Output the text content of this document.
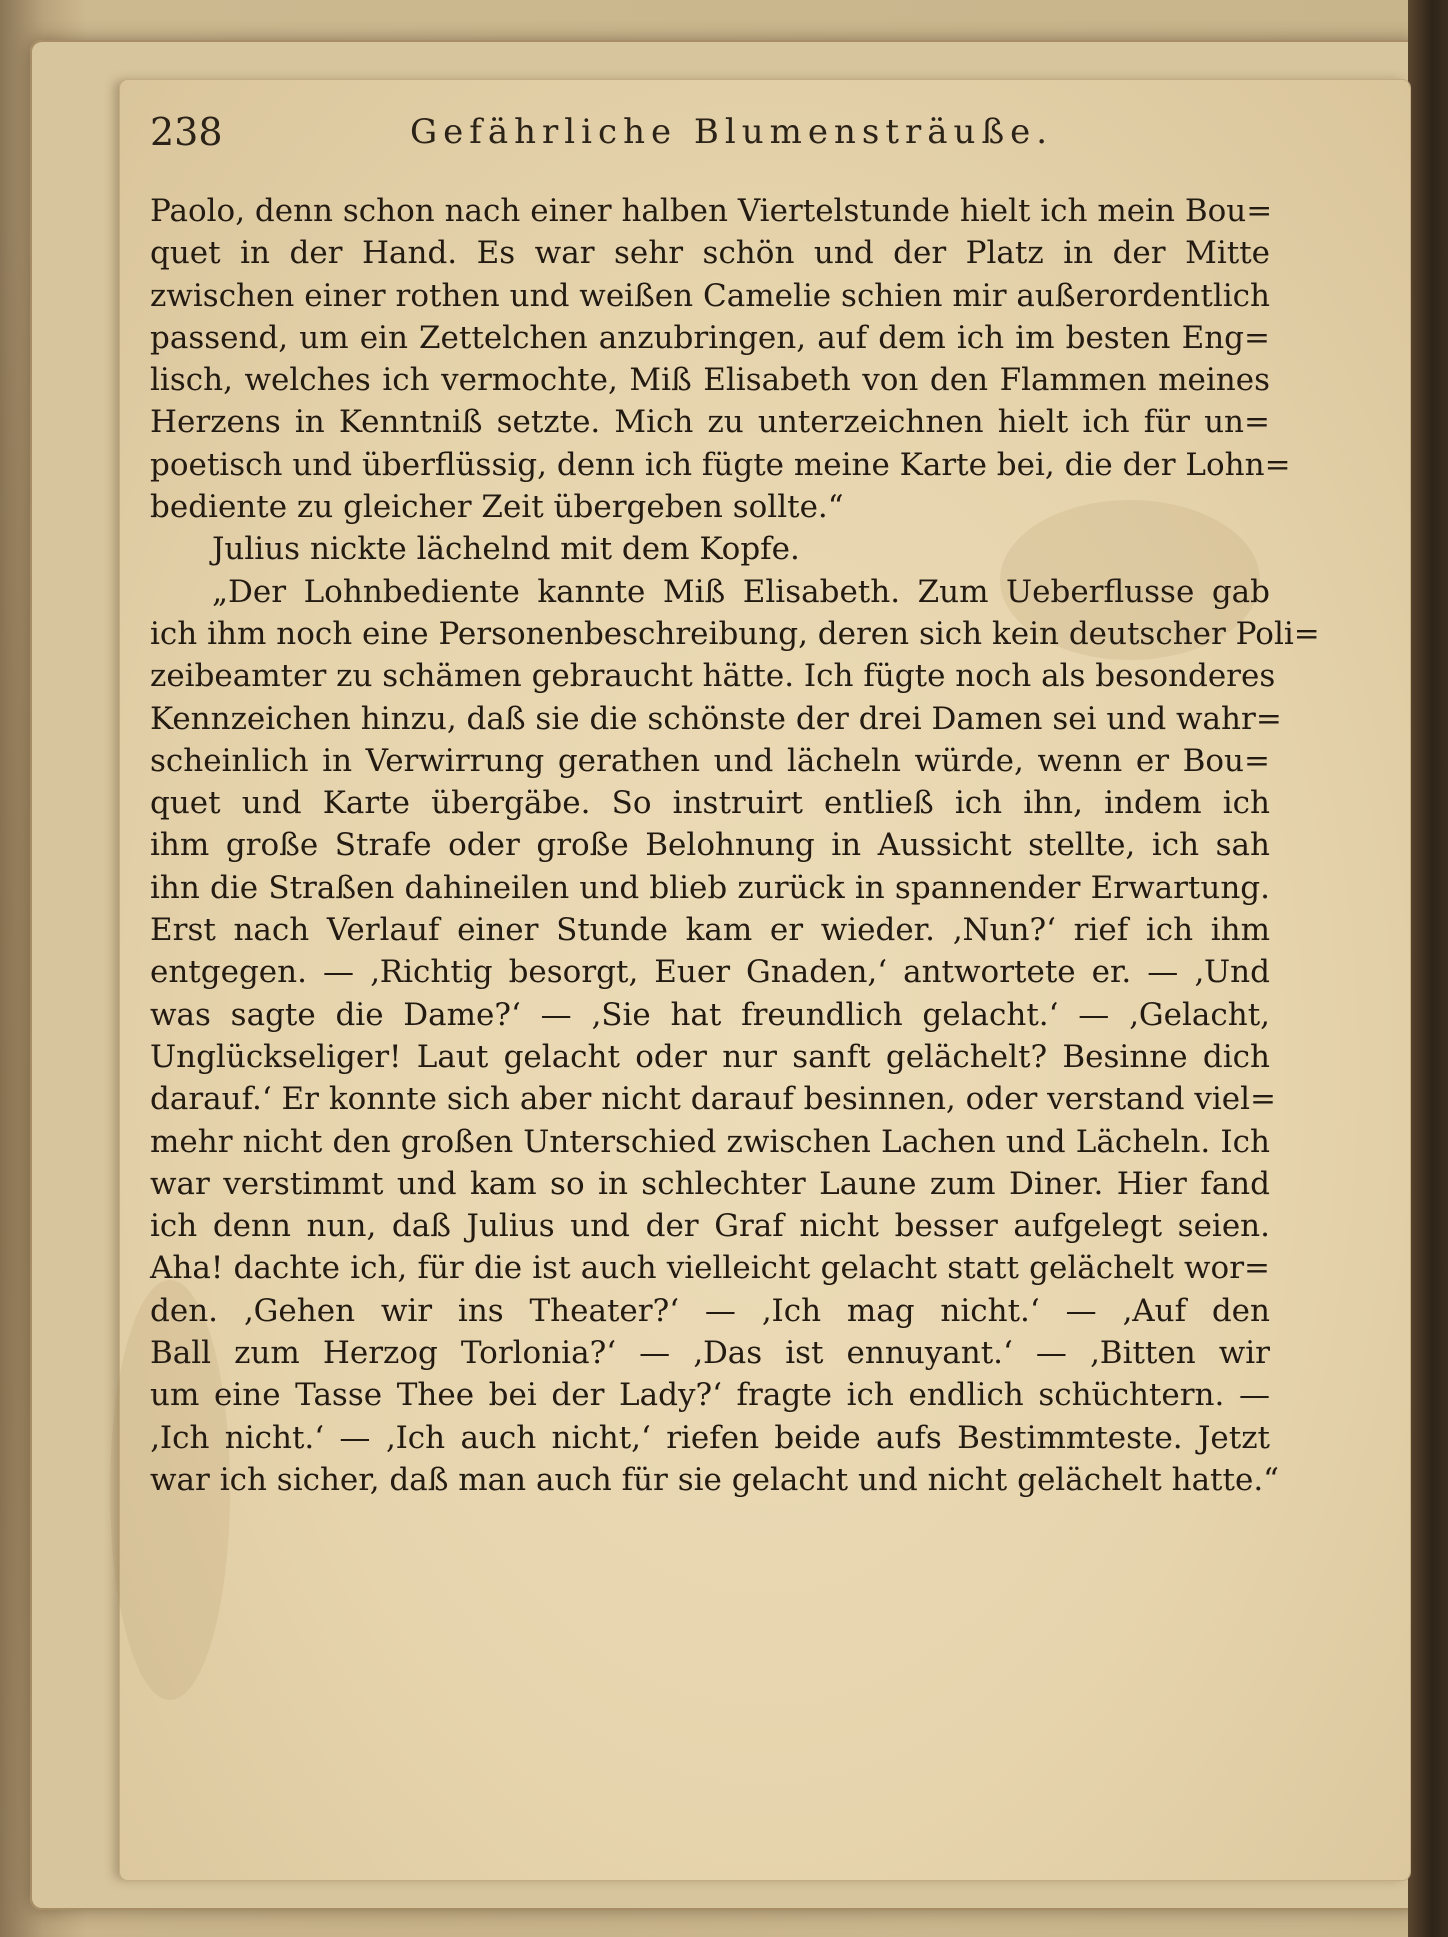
238	Gefährliche Blumensträuße.
Paolo, denn schon nach einer halben Viertelstunde hielt ich mein Bou=
quet in der Hand. Es war sehr schön und der Platz in der Mitte
zwischen einer rothen und weißen Camelie schien mir außerordentlich
passend, um ein Zettelchen anzubringen, auf dem ich im besten Eng=
lisch, welches ich vermochte, Miß Elisabeth von den Flammen meines
Herzens in Kenntniß setzte. Mich zu unterzeichnen hielt ich für un=
poetisch und überflüssig, denn ich fügte meine Karte bei, die der Lohn=
bediente zu gleicher Zeit übergeben sollte.“
Julius nickte lächelnd mit dem Kopfe.
„Der Lohnbediente kannte Miß Elisabeth. Zum Ueberflusse gab
ich ihm noch eine Personenbeschreibung, deren sich kein deutscher Poli=
zeibeamter zu schämen gebraucht hätte. Ich fügte noch als besonderes
Kennzeichen hinzu, daß sie die schönste der drei Damen sei und wahr=
scheinlich in Verwirrung gerathen und lächeln würde, wenn er Bou=
quet und Karte übergäbe. So instruirt entließ ich ihn, indem ich
ihm große Strafe oder große Belohnung in Aussicht stellte, ich sah
ihn die Straßen dahineilen und blieb zurück in spannender Erwartung.
Erst nach Verlauf einer Stunde kam er wieder. ‚Nun?‘ rief ich ihm
entgegen. — ‚Richtig besorgt, Euer Gnaden,‘ antwortete er. — ‚Und
was sagte die Dame?‘ — ‚Sie hat freundlich gelacht.‘ — ‚Gelacht,
Unglückseliger! Laut gelacht oder nur sanft gelächelt? Besinne dich
darauf.‘ Er konnte sich aber nicht darauf besinnen, oder verstand viel=
mehr nicht den großen Unterschied zwischen Lachen und Lächeln. Ich
war verstimmt und kam so in schlechter Laune zum Diner. Hier fand
ich denn nun, daß Julius und der Graf nicht besser aufgelegt seien.
Aha! dachte ich, für die ist auch vielleicht gelacht statt gelächelt wor=
den. ‚Gehen wir ins Theater?‘ — ‚Ich mag nicht.‘ — ‚Auf den
Ball zum Herzog Torlonia?‘ — ‚Das ist ennuyant.‘ — ‚Bitten wir
um eine Tasse Thee bei der Lady?‘ fragte ich endlich schüchtern. —
‚Ich nicht.‘ — ‚Ich auch nicht,‘ riefen beide aufs Bestimmteste. Jetzt
war ich sicher, daß man auch für sie gelacht und nicht gelächelt hatte.“
